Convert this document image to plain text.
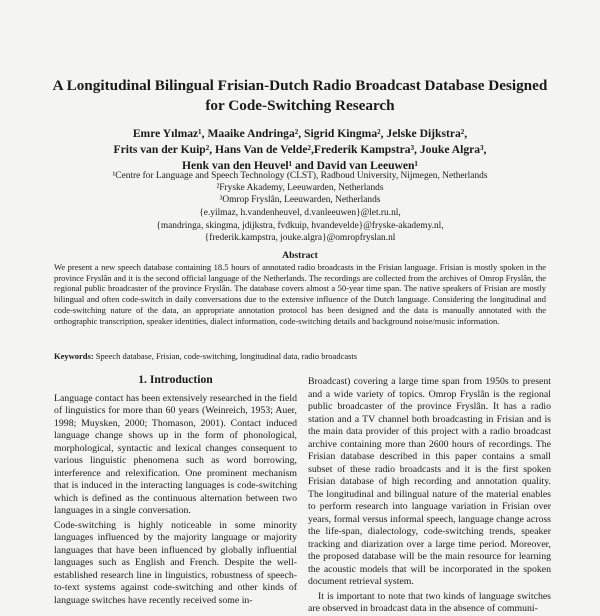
A Longitudinal Bilingual Frisian-Dutch Radio Broadcast Database Designed
for Code-Switching Research
Emre Yılmaz¹, Maaike Andringa², Sigrid Kingma², Jelske Dijkstra²,
Frits van der Kuip², Hans Van de Velde²,Frederik Kampstra³, Jouke Algra³,
Henk van den Heuvel¹ and David van Leeuwen¹
¹Centre for Language and Speech Technology (CLST), Radboud University, Nijmegen, Netherlands
²Fryske Akademy, Leeuwarden, Netherlands
³Omrop Fryslân, Leeuwarden, Netherlands
{e.yilmaz, h.vandenheuvel, d.vanleeuwen}@let.ru.nl,
{mandringa, skingma, jdijkstra, fvdkuip, hvandevelde}@fryske-akademy.nl,
{frederik.kampstra, jouke.algra}@omropfryslan.nl
Abstract

We present a new speech database containing 18.5 hours of annotated radio broadcasts in the Frisian language. Frisian is mostly spoken in the province Fryslân and it is the second official language of the Netherlands. The recordings are collected from the archives of Omrop Fryslân, the regional public broadcaster of the province Fryslân. The database covers almost a 50-year time span. The native speakers of Frisian are mostly bilingual and often code-switch in daily conversations due to the extensive influence of the Dutch language. Considering the longitudinal and code-switching nature of the data, an appropriate annotation protocol has been designed and the data is manually annotated with the orthographic transcription, speaker identities, dialect information, code-switching details and background noise/music information.

Keywords: Speech database, Frisian, code-switching, longitudinal data, radio broadcasts
1. Introduction

Language contact has been extensively researched in the field of linguistics for more than 60 years (Weinreich, 1953; Auer, 1998; Muysken, 2000; Thomason, 2001). Contact induced language change shows up in the form of phonological, morphological, syntactic and lexical changes consequent to various linguistic phenomena such as word borrowing, interference and relexification. One prominent mechanism that is induced in the interacting languages is code-switching which is defined as the continuous alternation between two languages in a single conversation.

Code-switching is highly noticeable in some minority languages influenced by the majority language or majority languages that have been influenced by globally influential languages such as English and French. Despite the well-established research line in linguistics, robustness of speech-to-text systems against code-switching and other kinds of language switches have recently received some in-

Broadcast) covering a large time span from 1950s to present and a wide variety of topics. Omrop Fryslân is the regional public broadcaster of the province Fryslân. It has a radio station and a TV channel both broadcasting in Frisian and is the main data provider of this project with a radio broadcast archive containing more than 2600 hours of recordings. The Frisian database described in this paper contains a small subset of these radio broadcasts and it is the first spoken Frisian database of high recording and annotation quality. The longitudinal and bilingual nature of the material enables to perform research into language variation in Frisian over years, formal versus informal speech, language change across the life-span, dialectology, code-switching trends, speaker tracking and diarization over a large time period. Moreover, the proposed database will be the main resource for learning the acoustic models that will be incorporated in the spoken document retrieval system.

It is important to note that two kinds of language switches are observed in broadcast data in the absence of communi-
